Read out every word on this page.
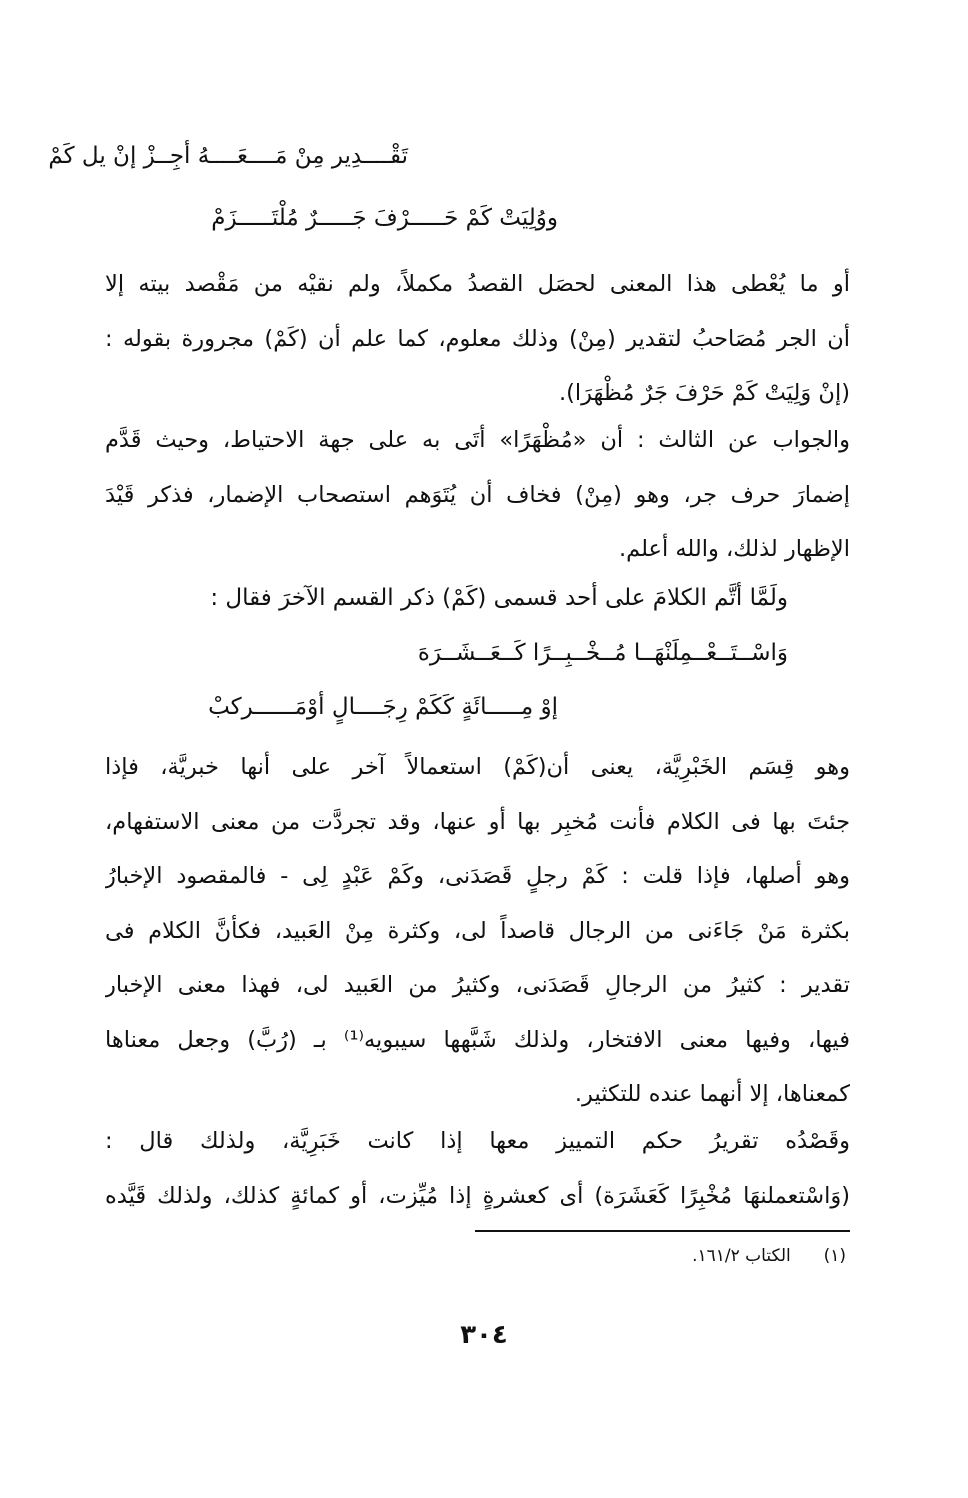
تَقْــــدِير مِنْ مَــــعَــــهُ أجِــزْ إنْ يل كَمْ
ووُلِيَتْ كَمْ حَـــــرْفَ جَـــــرٌ مُلْتَـــــزَمْ
أو ما يُعْطى هذا المعنى لحصَل القصدُ مكملاً، ولم نقيْه من مَقْصد بيته إلا
أن الجر مُصَاحبُ لتقدير (مِنْ) وذلك معلوم، كما علم أن (كَمْ) مجرورة بقوله :
(إنْ وَلِيَتْ كَمْ حَرْفَ جَرٌ مُظْهَرَا).
والجواب عن الثالث : أن «مُظْهَرًا» أتَى به على جهة الاحتياط، وحيث قَدَّم
إضمارَ حرف جر، وهو (مِنْ) فخاف أن يُتَوَهم استصحاب الإضمار، فذكر قَيْدَ
الإظهار لذلك، والله أعلم.
ولَمَّا أتَّم الكلامَ على أحد قسمى (كَمْ) ذكر القسم الآخرَ فقال :
وَاسْــتَــعْــمِلَنْهَــا مُــخْــبِــرًا كَــعَــشَــرَهَ
إوْ مِـــــائَةٍ كَكَمْ رِجَــــالٍ أوْمَــــــركبْ
وهو قِسَم الخَبْرِيَّة، يعنى أن(كَمْ) استعمالاً آخر على أنها خبريَّة، فإذا
جئتَ بها فى الكلام فأنت مُخبِر بها أو عنها، وقد تجردَّت من معنى الاستفهام،
وهو أصلها، فإذا قلت : كَمْ رجلٍ قَصَدَنى، وكَمْ عَبْدٍ لِى - فالمقصود الإخبارُ
بكثرة مَنْ جَاءَنى من الرجال قاصداً لى، وكثرة مِنْ العَبيد، فكأنَّ الكلام فى
تقدير : كثيرُ من الرجالِ قَصَدَنى، وكثيرُ من العَبيد لى، فهذا معنى الإخبار
فيها، وفيها معنى الافتخار، ولذلك شَبَّهها سيبويه⁽¹⁾ بـ (رُبَّ) وجعل معناها
كمعناها، إلا أنهما عنده للتكثير.
وقَصْدُه تقريرُ حكم التمييز معها إذا كانت خَبَرِيَّة، ولذلك قال :
(وَاسْتعملنهَا مُخْبِرًا كَعَشَرَة) أى كعشرةٍ إذا مُيِّزت، أو كمائةٍ كذلك، ولذلك قَيَّده
(١)  الكتاب ١٦١/٢.
٣٠٤
